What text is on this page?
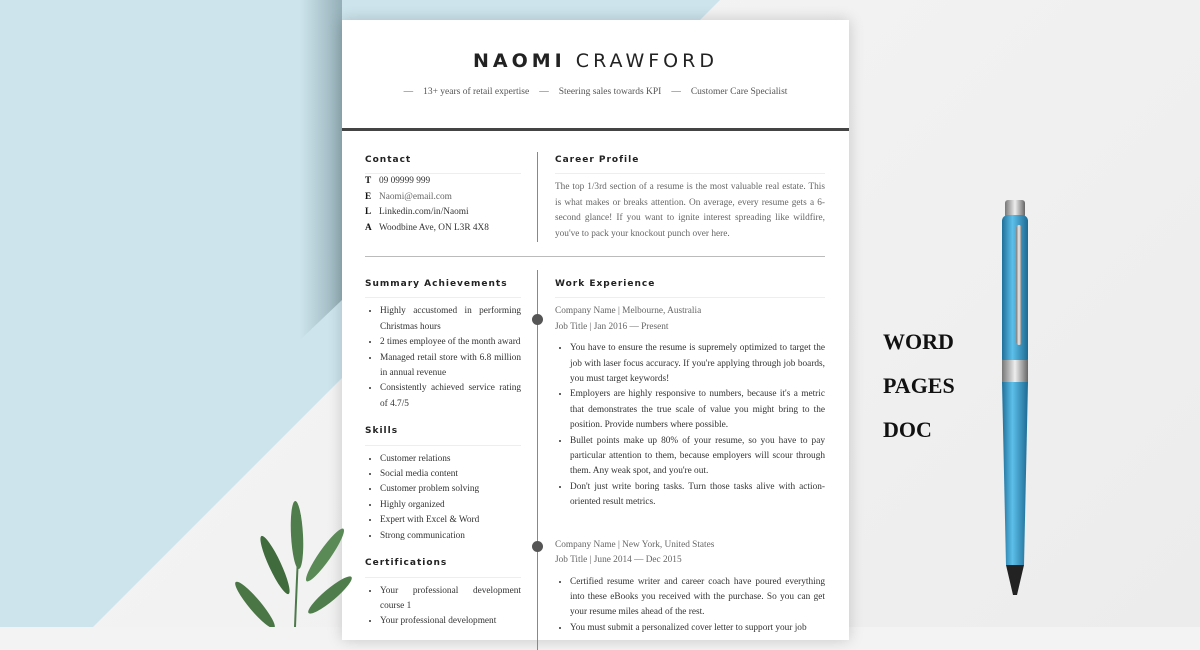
NAOMI CRAWFORD
— 13+ years of retail expertise — Steering sales towards KPI — Customer Care Specialist
Contact
T 09 09999 999
E Naomi@email.com
L Linkedin.com/in/Naomi
A Woodbine Ave, ON L3R 4X8
Career Profile
The top 1/3rd section of a resume is the most valuable real estate. This is what makes or breaks attention. On average, every resume gets a 6-second glance! If you want to ignite interest spreading like wildfire, you've to pack your knockout punch over here.
Summary Achievements
• Highly accustomed in performing Christmas hours
• 2 times employee of the month award
• Managed retail store with 6.8 million in annual revenue
• Consistently achieved service rating of 4.7/5
Skills
• Customer relations
• Social media content
• Customer problem solving
• Highly organized
• Expert with Excel & Word
• Strong communication
Certifications
• Your professional development course 1
• Your professional development
Work Experience
Company Name | Melbourne, Australia
Job Title | Jan 2016 — Present
• You have to ensure the resume is supremely optimized to target the job with laser focus accuracy. If you're applying through job boards, you must target keywords!
• Employers are highly responsive to numbers, because it's a metric that demonstrates the true scale of value you might bring to the position. Provide numbers where possible.
• Bullet points make up 80% of your resume, so you have to pay particular attention to them, because employers will scour through them. Any weak spot, and you're out.
• Don't just write boring tasks. Turn those tasks alive with action-oriented result metrics.
Company Name | New York, United States
Job Title | June 2014 — Dec 2015
• Certified resume writer and career coach have poured everything into these eBooks you received with the purchase. So you can get your resume miles ahead of the rest.
• You must submit a personalized cover letter to support your job
WORD
PAGES
DOC
